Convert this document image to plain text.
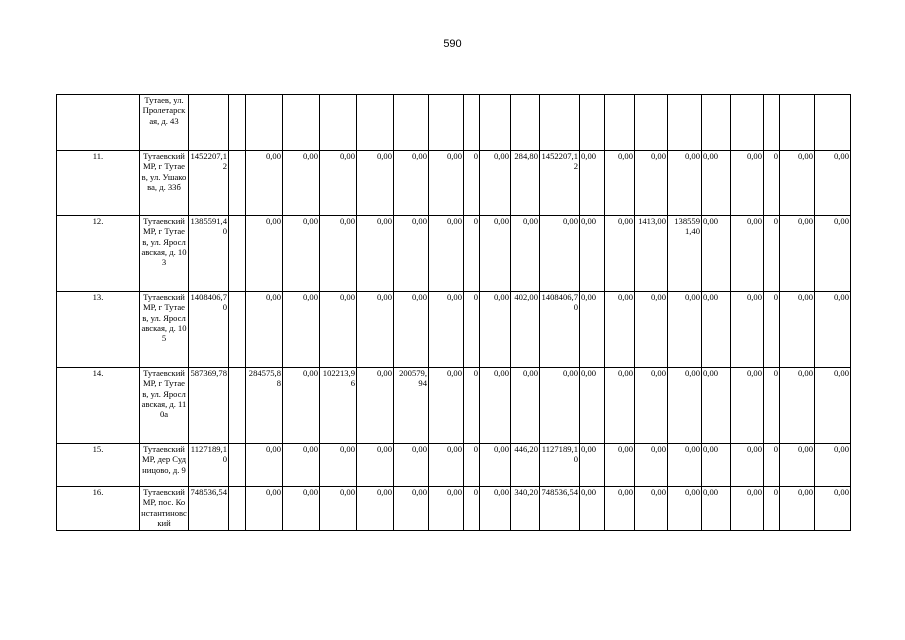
590
	Тутаев, ул. Пролетарская, д. 43																					
11.	Тутаевский МР, г Тутаев, ул. Ушакова, д. 33б	1452207,12		0,00	0,00	0,00	0,00	0,00	0,00	0	0,00	284,80	1452207,12	0,00	0,00	0,00	0,00	0,00	0,00	0	0,00	0,00
12.	Тутаевский МР, г Тутаев, ул. Ярославская, д. 103	1385591,40		0,00	0,00	0,00	0,00	0,00	0,00	0	0,00	0,00	0,00	0,00	0,00	1413,00	1385591,40	0,00	0,00	0	0,00	0,00
13.	Тутаевский МР, г Тутаев, ул. Ярославская, д. 105	1408406,70		0,00	0,00	0,00	0,00	0,00	0,00	0	0,00	402,00	1408406,70	0,00	0,00	0,00	0,00	0,00	0,00	0	0,00	0,00
14.	Тутаевский МР, г Тутаев, ул. Ярославская, д. 110а	587369,78		284575,88	0,00	102213,96	0,00	200579,94	0,00	0	0,00	0,00	0,00	0,00	0,00	0,00	0,00	0,00	0,00	0	0,00	0,00
15.	Тутаевский МР, дер Судницово, д. 9	1127189,10		0,00	0,00	0,00	0,00	0,00	0,00	0	0,00	446,20	1127189,10	0,00	0,00	0,00	0,00	0,00	0,00	0	0,00	0,00
16.	Тутаевский МР, пос. Константиновский	748536,54		0,00	0,00	0,00	0,00	0,00	0,00	0	0,00	340,20	748536,54	0,00	0,00	0,00	0,00	0,00	0,00	0	0,00	0,00
